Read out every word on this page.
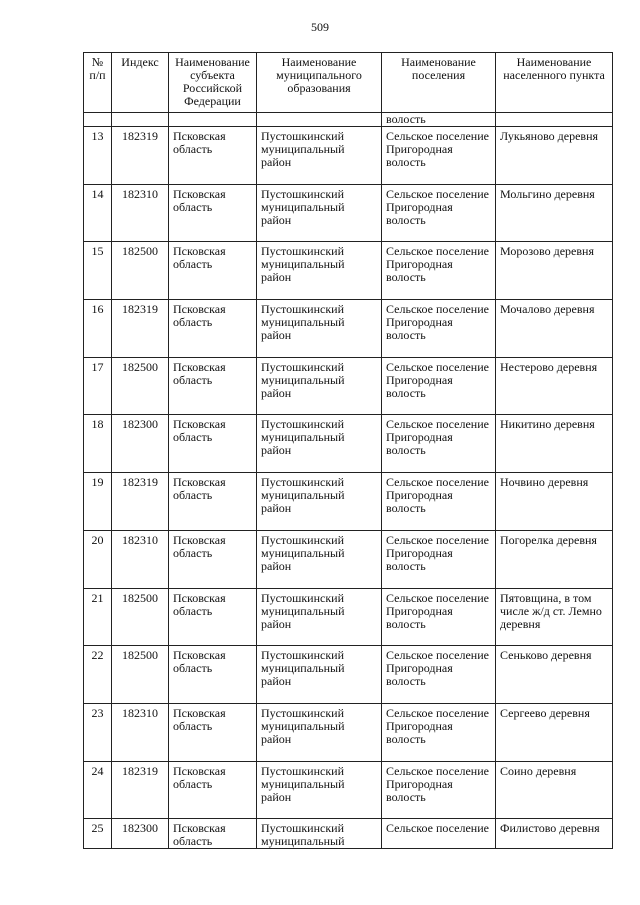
509
№ п/п	Индекс	Наименование субъекта Российской Федерации	Наименование муниципального образования	Наименование поселения	Наименование населенного пункта
				волость	
13	182319	Псковская область	Пустошкинский муниципальный район	Сельское поселение Пригородная волость	Лукьяново деревня
14	182310	Псковская область	Пустошкинский муниципальный район	Сельское поселение Пригородная волость	Мольгино деревня
15	182500	Псковская область	Пустошкинский муниципальный район	Сельское поселение Пригородная волость	Морозово деревня
16	182319	Псковская область	Пустошкинский муниципальный район	Сельское поселение Пригородная волость	Мочалово деревня
17	182500	Псковская область	Пустошкинский муниципальный район	Сельское поселение Пригородная волость	Нестерово деревня
18	182300	Псковская область	Пустошкинский муниципальный район	Сельское поселение Пригородная волость	Никитино деревня
19	182319	Псковская область	Пустошкинский муниципальный район	Сельское поселение Пригородная волость	Ночвино деревня
20	182310	Псковская область	Пустошкинский муниципальный район	Сельское поселение Пригородная волость	Погорелка деревня
21	182500	Псковская область	Пустошкинский муниципальный район	Сельское поселение Пригородная волость	Пятовщина, в том числе ж/д ст. Лемно деревня
22	182500	Псковская область	Пустошкинский муниципальный район	Сельское поселение Пригородная волость	Сеньково деревня
23	182310	Псковская область	Пустошкинский муниципальный район	Сельское поселение Пригородная волость	Сергеево деревня
24	182319	Псковская область	Пустошкинский муниципальный район	Сельское поселение Пригородная волость	Соино деревня
25	182300	Псковская область	Пустошкинский муниципальный	Сельское поселение	Филистово деревня
